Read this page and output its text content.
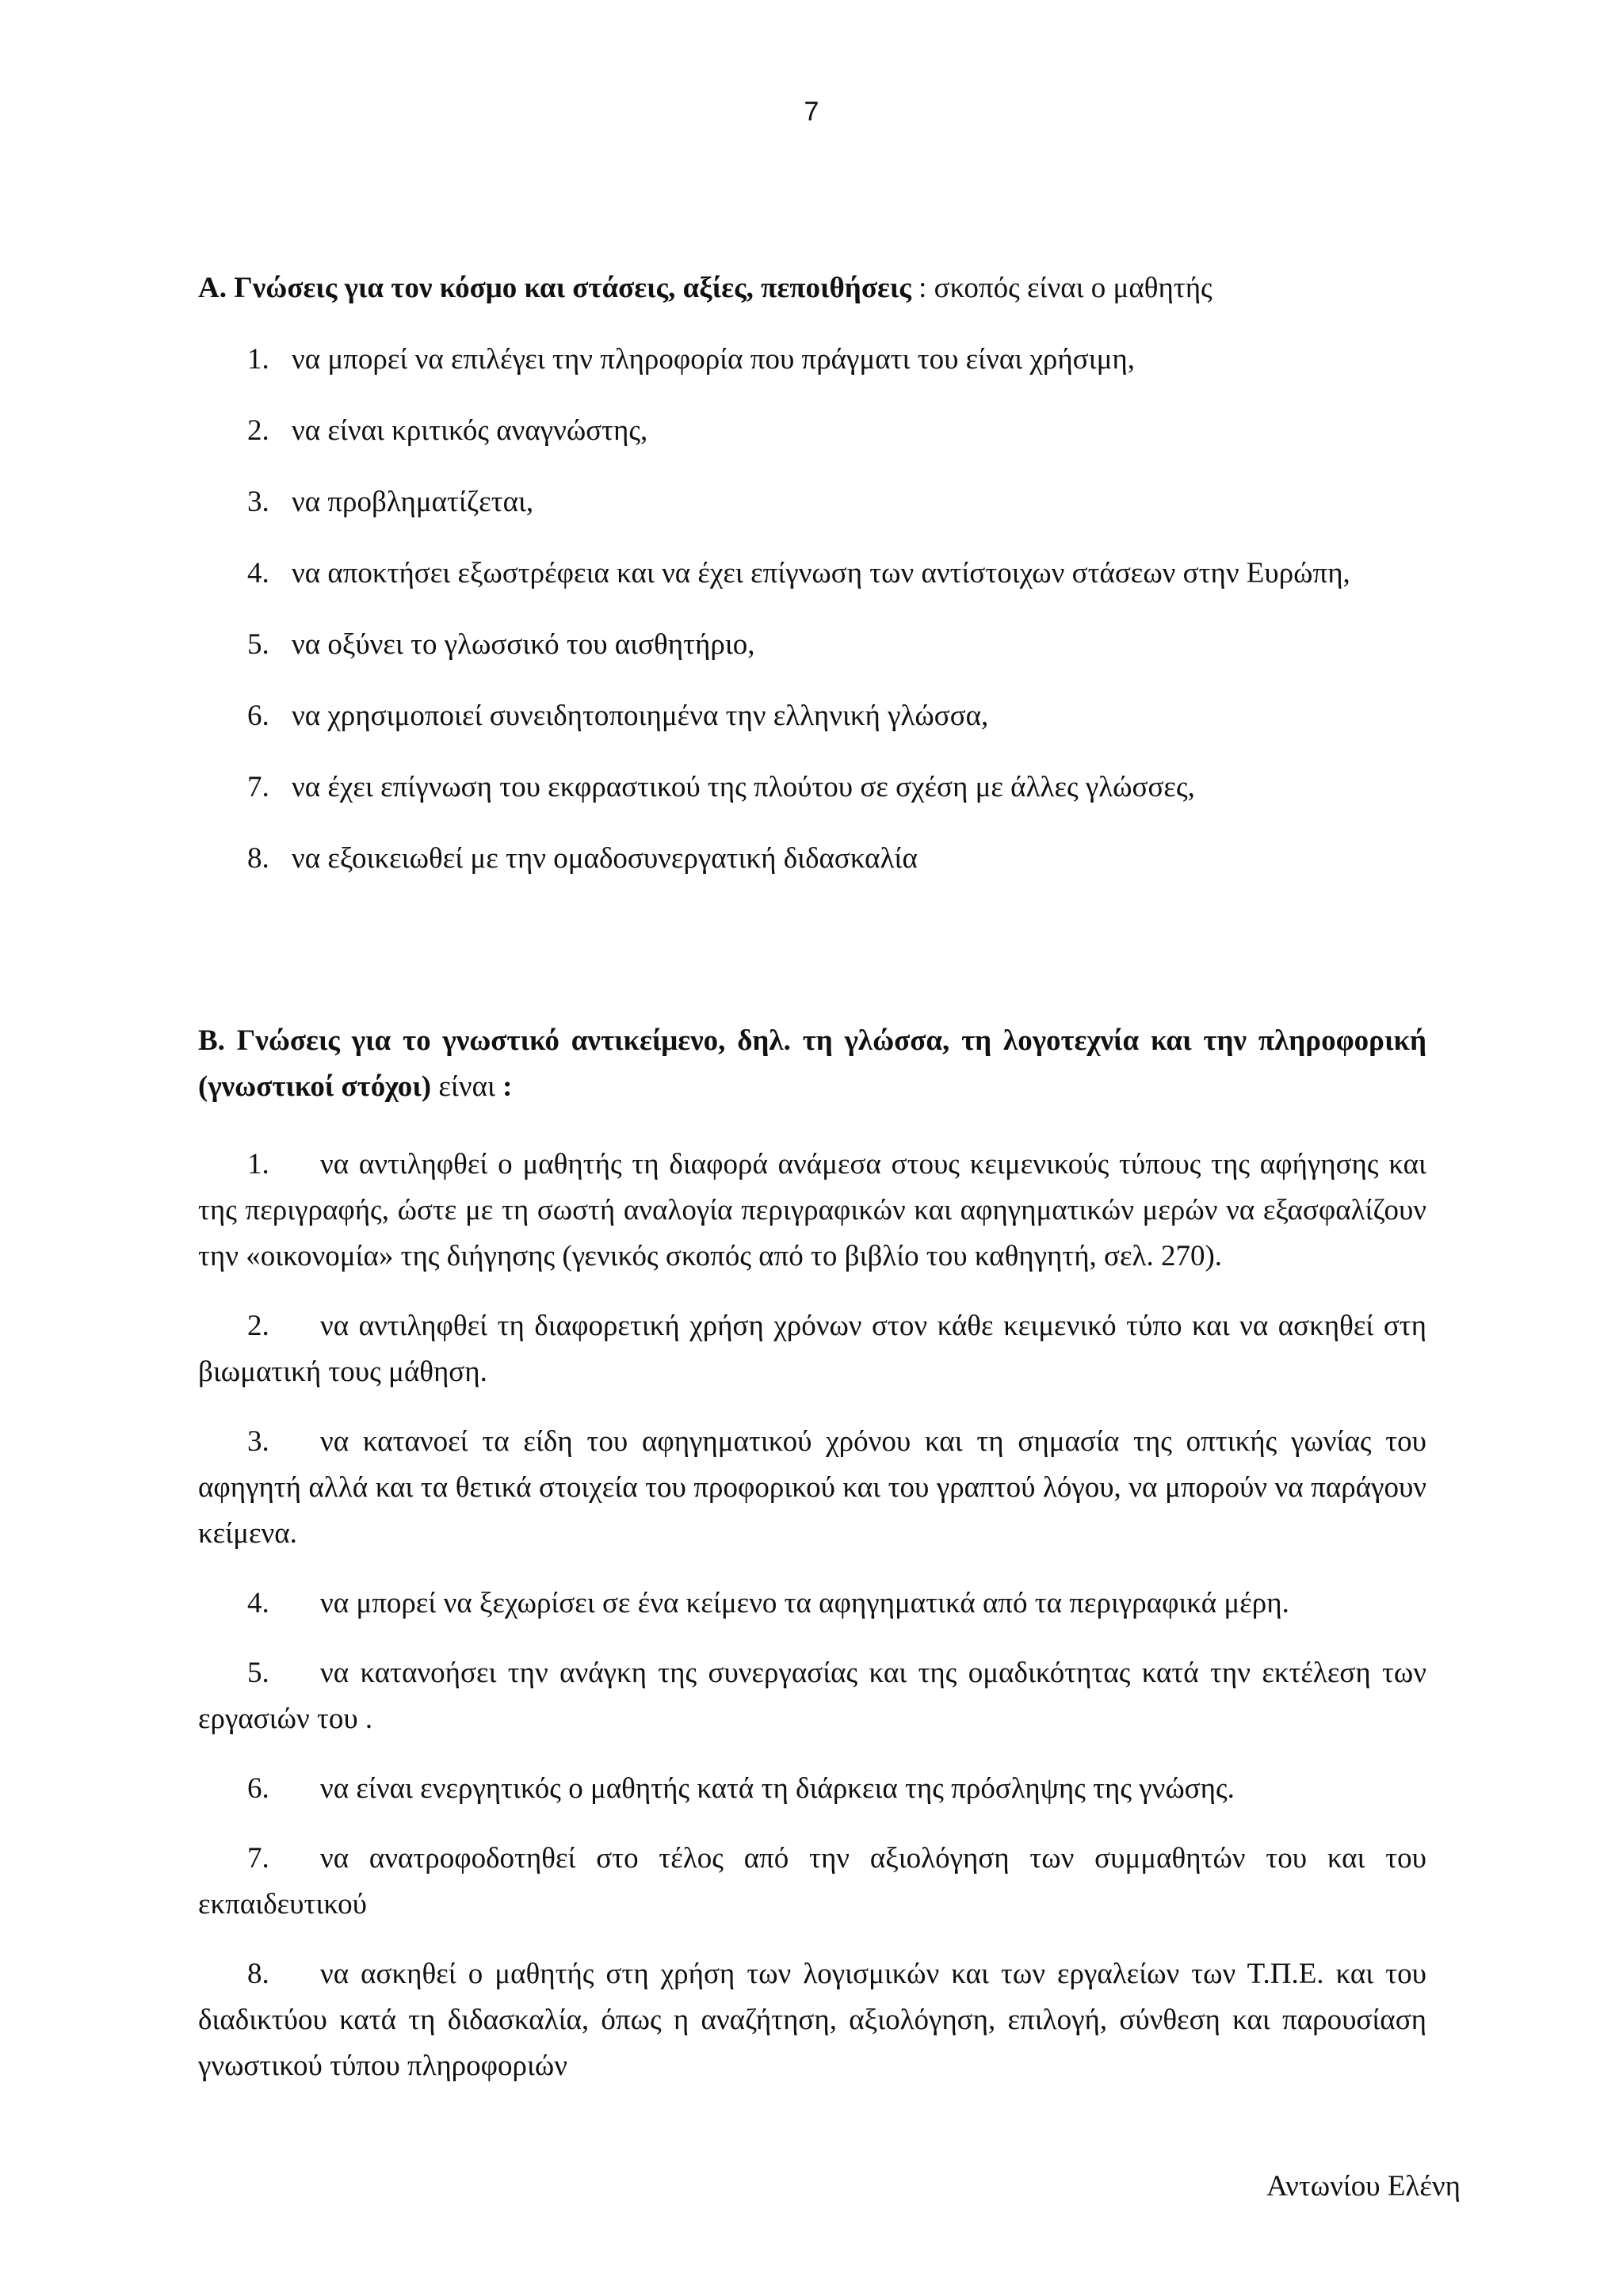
7

Α. Γνώσεις για τον κόσμο και στάσεις, αξίες, πεποιθήσεις : σκοπός είναι ο μαθητής

1. να μπορεί να επιλέγει την πληροφορία που πράγματι του είναι χρήσιμη,
2. να είναι κριτικός αναγνώστης,
3. να προβληματίζεται,
4. να αποκτήσει εξωστρέφεια και να έχει επίγνωση των αντίστοιχων στάσεων στην Ευρώπη,
5. να οξύνει το γλωσσικό του αισθητήριο,
6. να χρησιμοποιεί συνειδητοποιημένα την ελληνική γλώσσα,
7. να έχει επίγνωση του εκφραστικού της πλούτου σε σχέση με άλλες γλώσσες,
8. να εξοικειωθεί με την ομαδοσυνεργατική διδασκαλία

Β. Γνώσεις για το γνωστικό αντικείμενο, δηλ. τη γλώσσα, τη λογοτεχνία και την πληροφορική (γνωστικοί στόχοι) είναι :

1. να αντιληφθεί ο μαθητής τη διαφορά ανάμεσα στους κειμενικούς τύπους της αφήγησης και της περιγραφής, ώστε με τη σωστή αναλογία περιγραφικών και αφηγηματικών μερών να εξασφαλίζουν την «οικονομία» της διήγησης (γενικός σκοπός από το βιβλίο του καθηγητή, σελ. 270).
2. να αντιληφθεί τη διαφορετική χρήση χρόνων στον κάθε κειμενικό τύπο και να ασκηθεί στη βιωματική τους μάθηση.
3. να κατανοεί τα είδη του αφηγηματικού χρόνου και τη σημασία της οπτικής γωνίας του αφηγητή αλλά και τα θετικά στοιχεία του προφορικού και του γραπτού λόγου, να μπορούν να παράγουν κείμενα.
4. να μπορεί να ξεχωρίσει σε ένα κείμενο τα αφηγηματικά από τα περιγραφικά μέρη.
5. να κατανοήσει την ανάγκη της συνεργασίας και της ομαδικότητας κατά την εκτέλεση των εργασιών του .
6. να είναι ενεργητικός ο μαθητής κατά τη διάρκεια της πρόσληψης της γνώσης.
7. να ανατροφοδοτηθεί στο τέλος από την αξιολόγηση των συμμαθητών του και του εκπαιδευτικού
8. να ασκηθεί ο μαθητής στη χρήση των λογισμικών και των εργαλείων των Τ.Π.Ε. και του διαδικτύου κατά τη διδασκαλία, όπως η αναζήτηση, αξιολόγηση, επιλογή, σύνθεση και παρουσίαση γνωστικού τύπου πληροφοριών
Αντωνίου Ελένη
